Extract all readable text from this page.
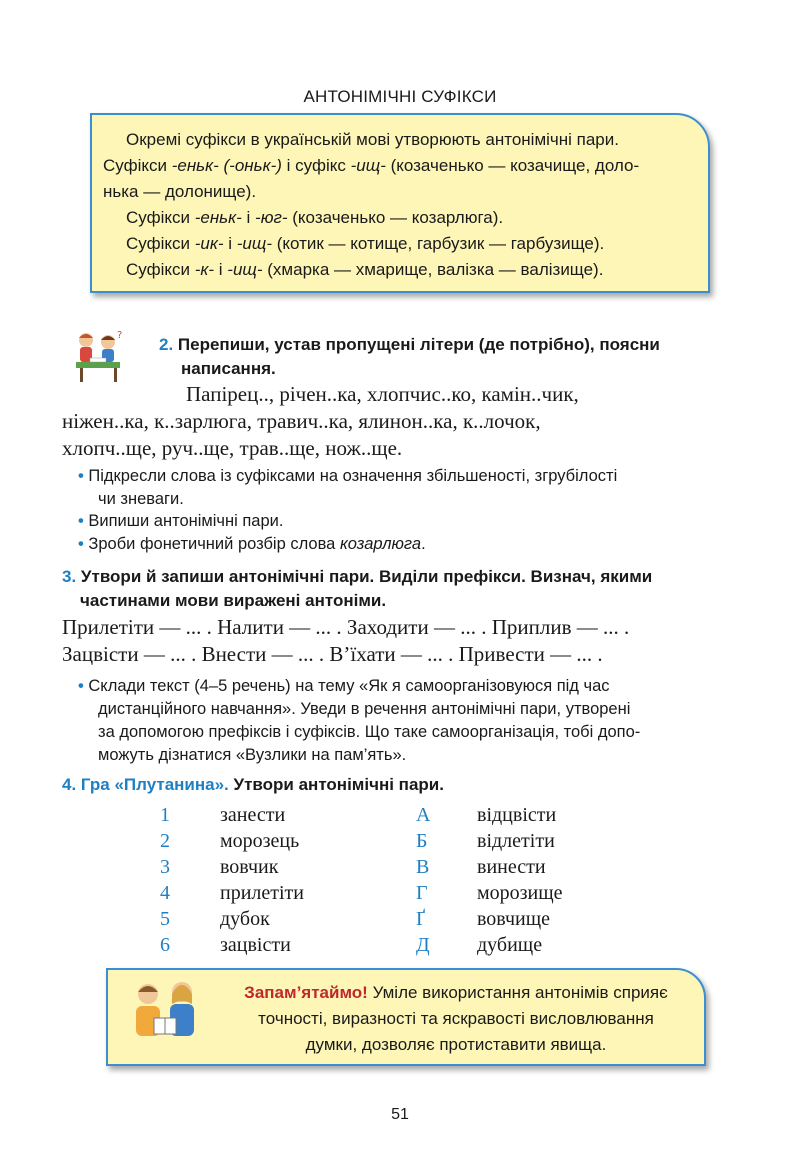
АНТОНІМІЧНІ СУФІКСИ
Окремі суфікси в українській мові утворюють антонімічні пари.
Суфікси -еньк- (-оньк-) і суфікс -ищ- (козаченько — козачище, доло-
нька — долонище).
Суфікси -еньк- і -юг- (козаченько — козарлюга).
Суфікси -ик- і -ищ- (котик — котище, гарбузик — гарбузище).
Суфікси -к- і -ищ- (хмарка — хмарище, валізка — валізище).
? 2. Перепиши, устав пропущені літери (де потрібно), поясни
написання.
Папірец.., річен..ка, хлопчис..ко, камін..чик,
ніжен..ка, к..зарлюга, травич..ка, ялинон..ка, к..лочок,
хлопч..ще, руч..ще, трав..ще, нож..ще.
• Підкресли слова із суфіксами на означення збільшеності, згрубілості
чи зневаги.
• Випиши антонімічні пари.
• Зроби фонетичний розбір слова козарлюга.
3. Утвори й запиши антонімічні пари. Виділи префікси. Визнач, якими
частинами мови виражені антоніми.
Прилетіти — ... . Налити — ... . Заходити — ... . Приплив — ... .
Зацвісти — ... . Внести — ... . В’їхати — ... . Привести — ... .
• Склади текст (4–5 речень) на тему «Як я самоорганізовуюся під час
дистанційного навчання». Уведи в речення антонімічні пари, утворені
за допомогою префіксів і суфіксів. Що таке самоорганізація, тобі допо-
можуть дізнатися «Вузлики на пам’ять».
4. Гра «Плутанина». Утвори антонімічні пари.
1
2
3
4
5
6
занести
морозець
вовчик
прилетіти
дубок
зацвісти
А
Б
В
Г
Ґ
Д
відцвісти
відлетіти
винести
морозище
вовчище
дубище
Запам’ятаймо! Уміле використання антонімів сприяє
точності, виразності та яскравості висловлювання
думки, дозволяє протиставити явища.
51
